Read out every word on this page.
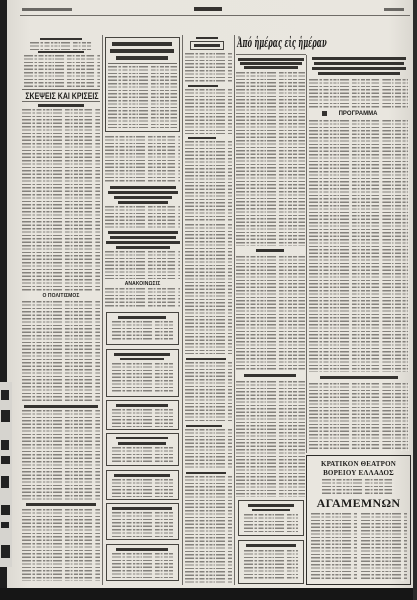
ΣΚΕΨΕΙΣ ΚΑΙ ΚΡΙΣΕΙΣ
Ο ΠΟΛΙΤΙΣΜΟΣ
ΑΝΑΚΟΙΝΩΣΙΣ
Ἀπό ἡμέρας εἰς ἡμέραν
ΠΡΟΓΡΑΜΜΑ
ΚΡΑΤΙΚΟΝ ΘΕΑΤΡΟΝ
ΒΟΡΕΙΟΥ ΕΛΛΑΔΟΣ
ΑΓΑΜΕΜΝΩΝ
